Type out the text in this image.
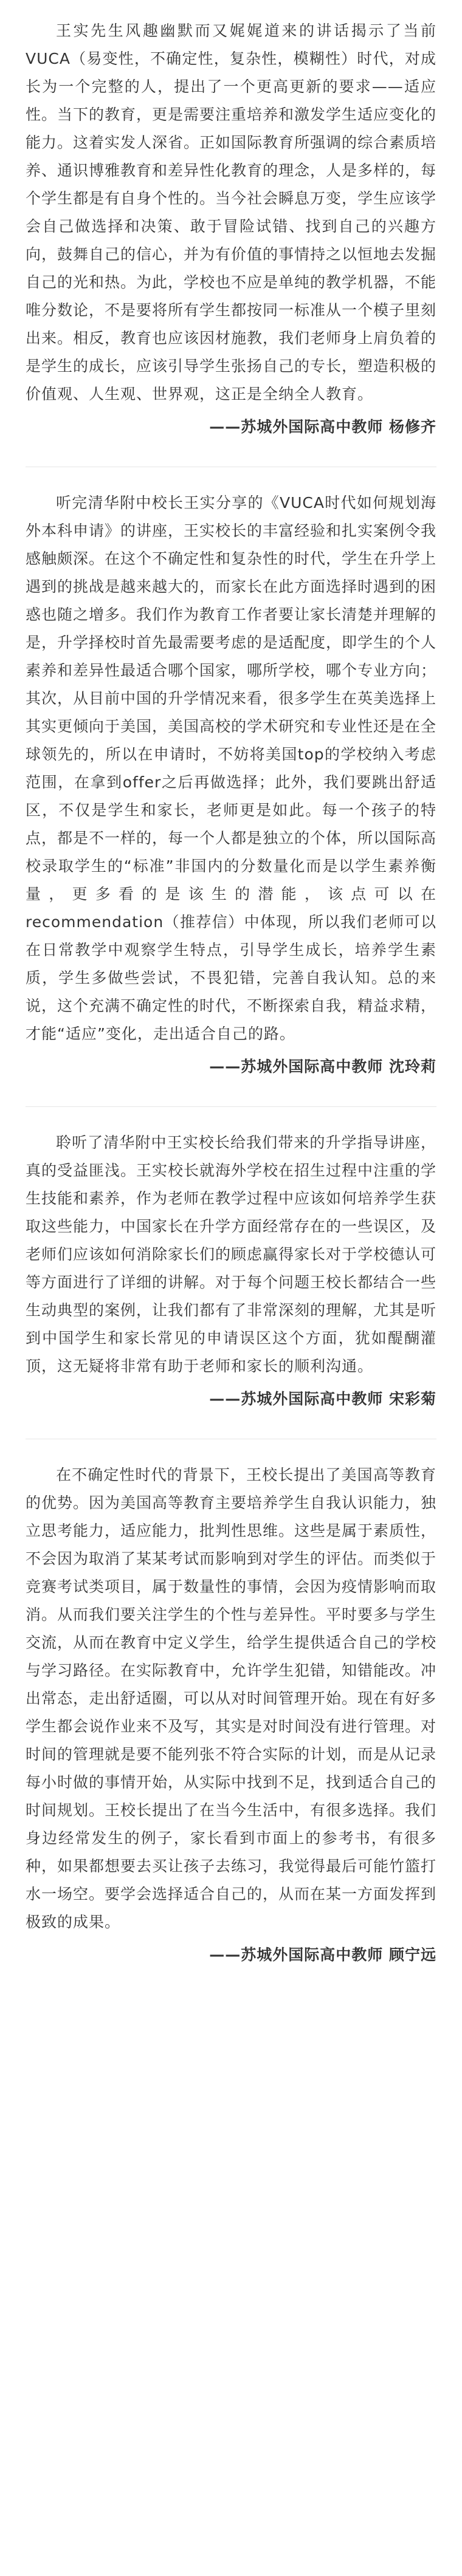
王实先生风趣幽默而又娓娓道来的讲话揭示了当前VUCA（易变性，不确定性，复杂性，模糊性）时代，对成长为一个完整的人，提出了一个更高更新的要求——适应性。当下的教育，更是需要注重培养和激发学生适应变化的能力。这着实发人深省。正如国际教育所强调的综合素质培养、通识博雅教育和差异性化教育的理念，人是多样的，每个学生都是有自身个性的。当今社会瞬息万变，学生应该学会自己做选择和决策、敢于冒险试错、找到自己的兴趣方向，鼓舞自己的信心，并为有价值的事情持之以恒地去发掘自己的光和热。为此，学校也不应是单纯的教学机器，不能唯分数论，不是要将所有学生都按同一标准从一个模子里刻出来。相反，教育也应该因材施教，我们老师身上肩负着的是学生的成长，应该引导学生张扬自己的专长，塑造积极的价值观、人生观、世界观，这正是全纳全人教育。

——苏城外国际高中教师 杨修齐

听完清华附中校长王实分享的《VUCA时代如何规划海外本科申请》的讲座，王实校长的丰富经验和扎实案例令我感触颇深。在这个不确定性和复杂性的时代，学生在升学上遇到的挑战是越来越大的，而家长在此方面选择时遇到的困惑也随之增多。我们作为教育工作者要让家长清楚并理解的是，升学择校时首先最需要考虑的是适配度，即学生的个人素养和差异性最适合哪个国家，哪所学校，哪个专业方向；其次，从目前中国的升学情况来看，很多学生在英美选择上其实更倾向于美国，美国高校的学术研究和专业性还是在全球领先的，所以在申请时，不妨将美国top的学校纳入考虑范围，在拿到offer之后再做选择；此外，我们要跳出舒适区，不仅是学生和家长，老师更是如此。每一个孩子的特点，都是不一样的，每一个人都是独立的个体，所以国际高校录取学生的“标准”非国内的分数量化而是以学生素养衡量，更多看的是该生的潜能，该点可以在recommendation（推荐信）中体现，所以我们老师可以在日常教学中观察学生特点，引导学生成长，培养学生素质，学生多做些尝试，不畏犯错，完善自我认知。总的来说，这个充满不确定性的时代，不断探索自我，精益求精，才能“适应”变化，走出适合自己的路。

——苏城外国际高中教师 沈玲莉

聆听了清华附中王实校长给我们带来的升学指导讲座，真的受益匪浅。王实校长就海外学校在招生过程中注重的学生技能和素养，作为老师在教学过程中应该如何培养学生获取这些能力，中国家长在升学方面经常存在的一些误区，及老师们应该如何消除家长们的顾虑赢得家长对于学校德认可等方面进行了详细的讲解。对于每个问题王校长都结合一些生动典型的案例，让我们都有了非常深刻的理解，尤其是听到中国学生和家长常见的申请误区这个方面，犹如醍醐灌顶，这无疑将非常有助于老师和家长的顺利沟通。

——苏城外国际高中教师 宋彩菊

在不确定性时代的背景下，王校长提出了美国高等教育的优势。因为美国高等教育主要培养学生自我认识能力，独立思考能力，适应能力，批判性思维。这些是属于素质性，不会因为取消了某某考试而影响到对学生的评估。而类似于竞赛考试类项目，属于数量性的事情，会因为疫情影响而取消。从而我们要关注学生的个性与差异性。平时要多与学生交流，从而在教育中定义学生，给学生提供适合自己的学校与学习路径。在实际教育中，允许学生犯错，知错能改。冲出常态，走出舒适圈，可以从对时间管理开始。现在有好多学生都会说作业来不及写，其实是对时间没有进行管理。对时间的管理就是要不能列张不符合实际的计划，而是从记录每小时做的事情开始，从实际中找到不足，找到适合自己的时间规划。王校长提出了在当今生活中，有很多选择。我们身边经常发生的例子，家长看到市面上的参考书，有很多种，如果都想要去买让孩子去练习，我觉得最后可能竹篮打水一场空。要学会选择适合自己的，从而在某一方面发挥到极致的成果。

——苏城外国际高中教师 顾宁远
